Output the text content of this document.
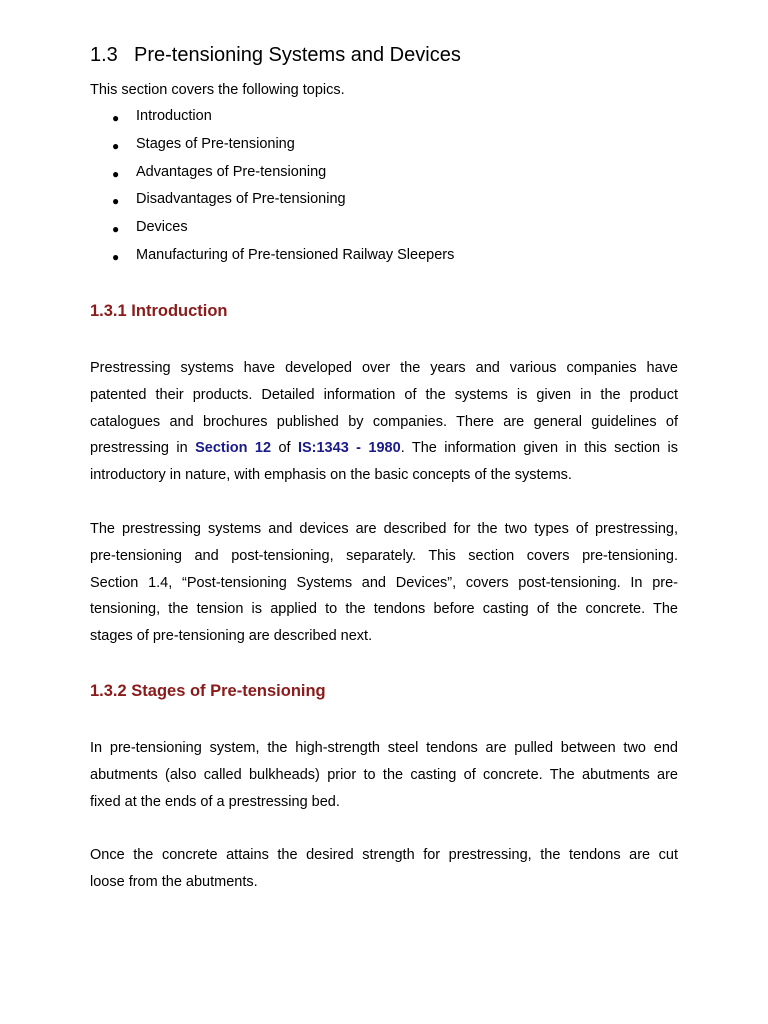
1.3 Pre-tensioning Systems and Devices
This section covers the following topics.
● Introduction
● Stages of Pre-tensioning
● Advantages of Pre-tensioning
● Disadvantages of Pre-tensioning
● Devices
● Manufacturing of Pre-tensioned Railway Sleepers
1.3.1 Introduction

Prestressing systems have developed over the years and various companies have
patented their products. Detailed information of the systems is given in the product
catalogues and brochures published by companies. There are general guidelines of
prestressing in Section 12 of IS:1343 - 1980. The information given in this section is
introductory in nature, with emphasis on the basic concepts of the systems.

The prestressing systems and devices are described for the two types of prestressing,
pre-tensioning and post-tensioning, separately. This section covers pre-tensioning.
Section 1.4, “Post-tensioning Systems and Devices”, covers post-tensioning. In pre-
tensioning, the tension is applied to the tendons before casting of the concrete. The
stages of pre-tensioning are described next.

1.3.2 Stages of Pre-tensioning

In pre-tensioning system, the high-strength steel tendons are pulled between two end
abutments (also called bulkheads) prior to the casting of concrete. The abutments are
fixed at the ends of a prestressing bed.

Once the concrete attains the desired strength for prestressing, the tendons are cut
loose from the abutments.
